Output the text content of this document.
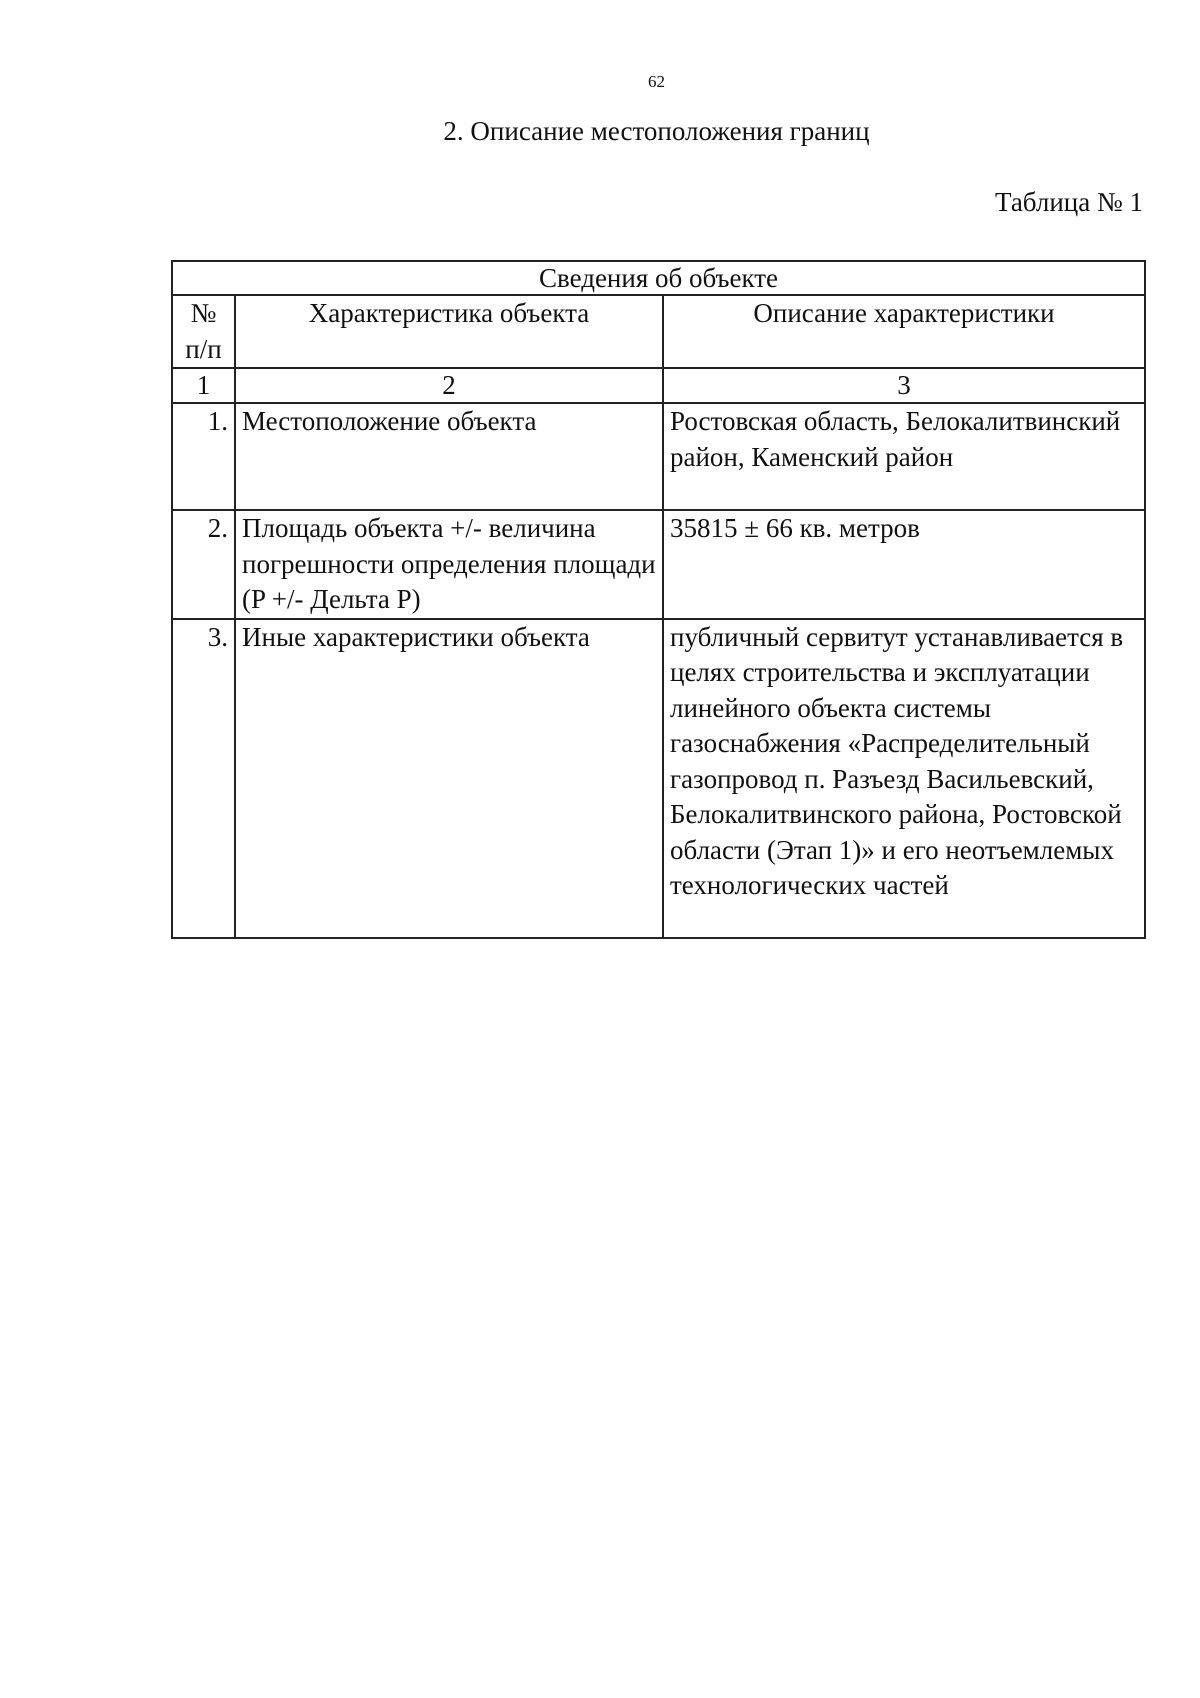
62
2. Описание местоположения границ
Таблица № 1
Сведения об объекте		
№ п/п	Характеристика объекта	Описание характеристики
1	2	3
1.	Местоположение объекта	Ростовская область, Белокалитвинский район, Каменский район
2.	Площадь объекта +/- величина погрешности определения площади (P +/- Дельта P)	35815 ± 66 кв. метров
3.	Иные характеристики объекта	публичный сервитут устанавливается в целях строительства и эксплуатации линейного объекта системы газоснабжения «Распределительный газопровод п. Разъезд Васильевский, Белокалитвинского района, Ростовской области (Этап 1)» и его неотъемлемых технологических частей
